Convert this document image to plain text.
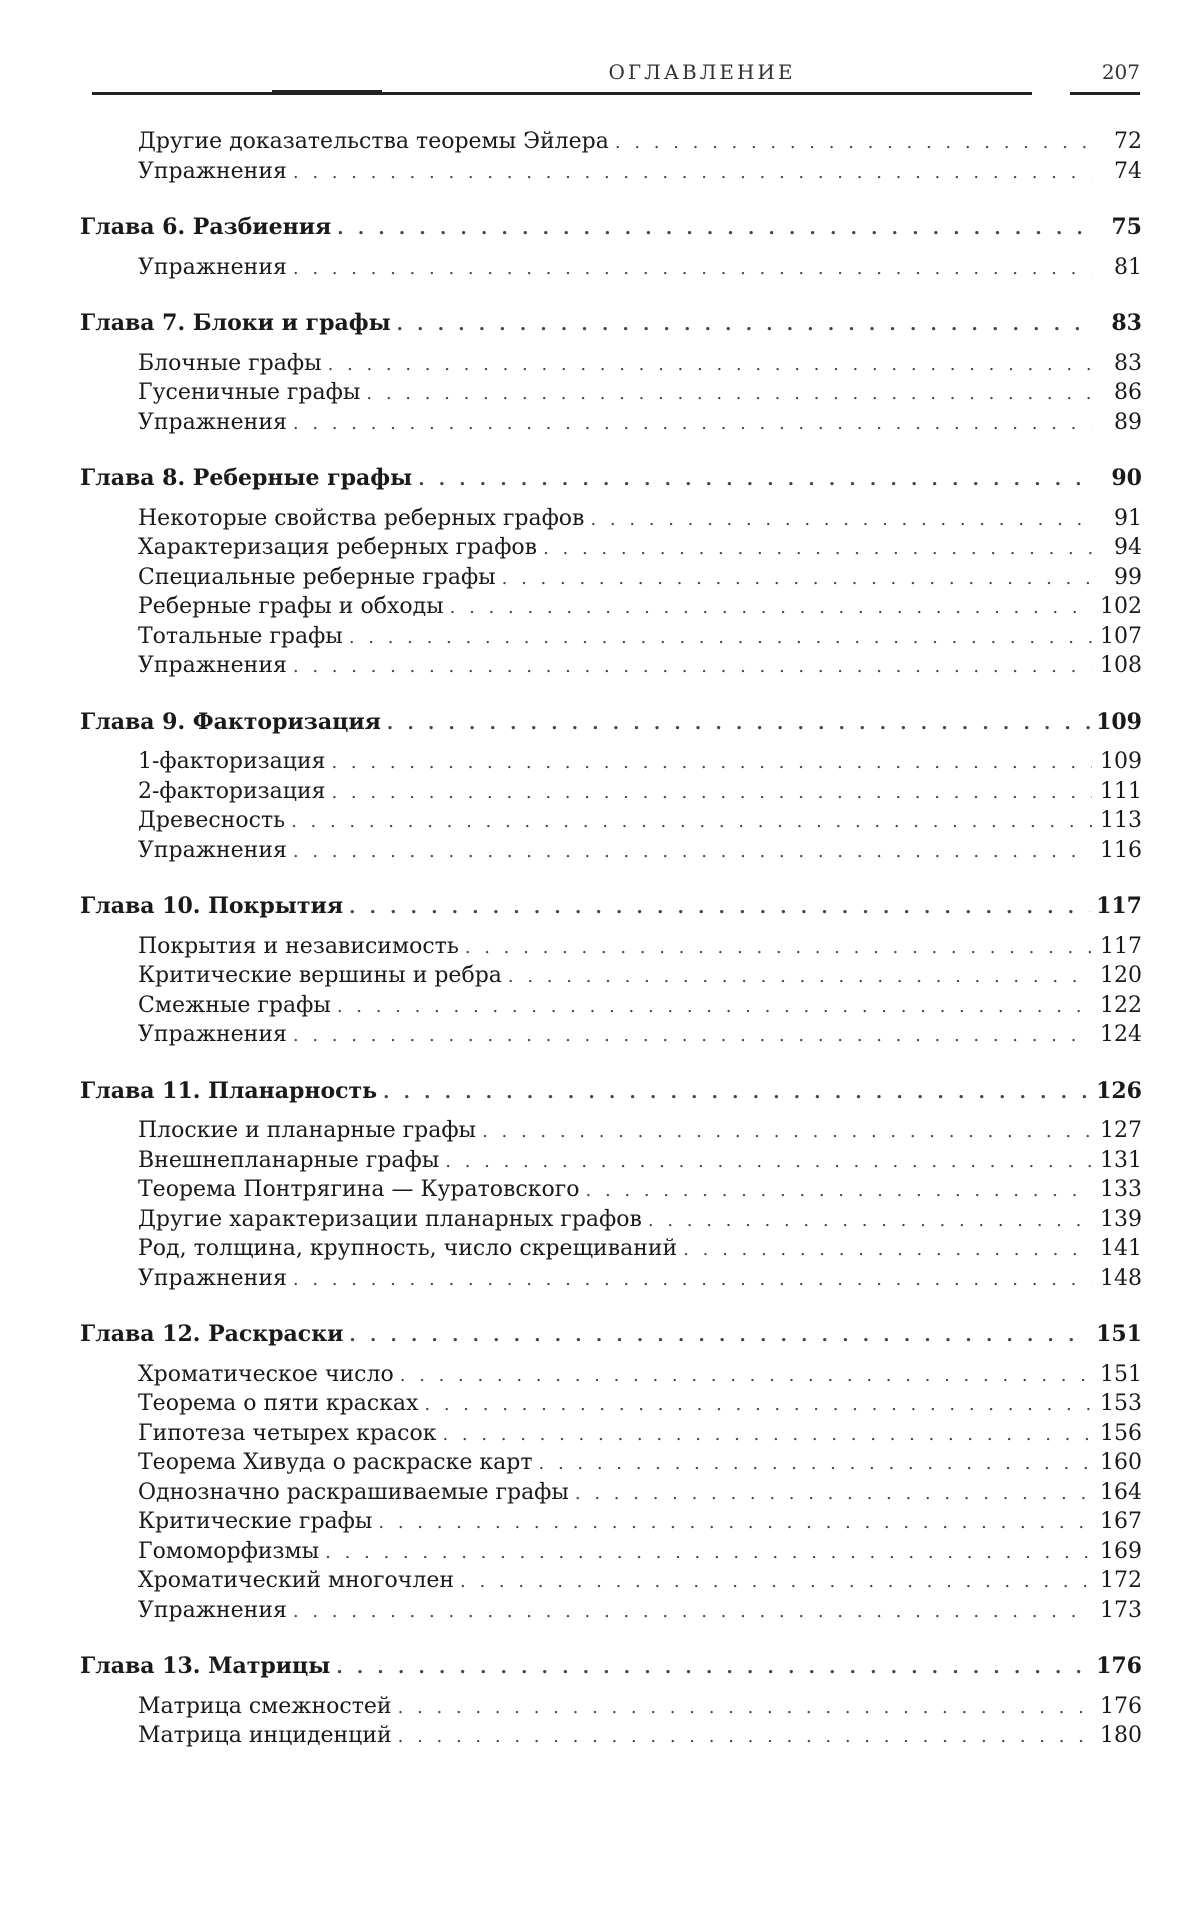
ОГЛАВЛЕНИЕ	207
Другие доказательства теоремы Эйлера . . .	72
Упражнения . . .	74
Глава 6. Разбиения . . .	75
Упражнения . . .	81
Глава 7. Блоки и графы . . .	83
Блочные графы . . .	83
Гусеничные графы . . .	86
Упражнения . . .	89
Глава 8. Реберные графы . . .	90
Некоторые свойства реберных графов . . .	91
Характеризация реберных графов . . .	94
Специальные реберные графы . . .	99
Реберные графы и обходы . . .	102
Тотальные графы . . .	107
Упражнения . . .	108
Глава 9. Факторизация . . .	109
1-факторизация . . .	109
2-факторизация . . .	111
Древесность . . .	113
Упражнения . . .	116
Глава 10. Покрытия . . .	117
Покрытия и независимость . . .	117
Критические вершины и ребра . . .	120
Смежные графы . . .	122
Упражнения . . .	124
Глава 11. Планарность . . .	126
Плоские и планарные графы . . .	127
Внешнепланарные графы . . .	131
Теорема Понтрягина — Куратовского . . .	133
Другие характеризации планарных графов . . .	139
Род, толщина, крупность, число скрещиваний . . .	141
Упражнения . . .	148
Глава 12. Раскраски . . .	151
Хроматическое число . . .	151
Теорема о пяти красках . . .	153
Гипотеза четырех красок . . .	156
Теорема Хивуда о раскраске карт . . .	160
Однозначно раскрашиваемые графы . . .	164
Критические графы . . .	167
Гомоморфизмы . . .	169
Хроматический многочлен . . .	172
Упражнения . . .	173
Глава 13. Матрицы . . .	176
Матрица смежностей . . .	176
Матрица инциденций . . .	180
